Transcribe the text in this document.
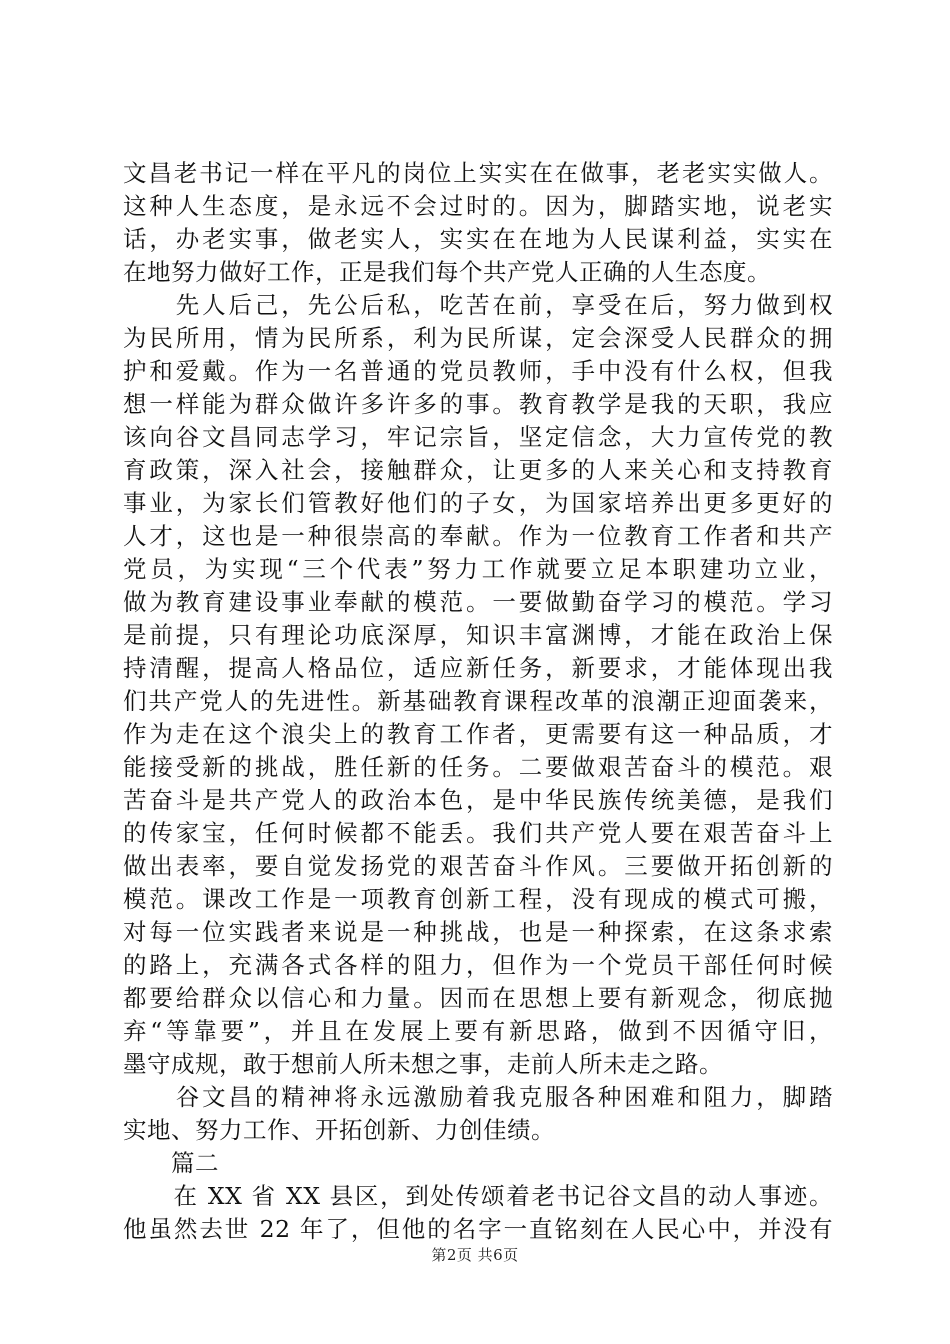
文昌老书记一样在平凡的岗位上实实在在做事，老老实实做人。
这种人生态度，是永远不会过时的。因为，脚踏实地，说老实
话，办老实事，做老实人，实实在在地为人民谋利益，实实在
在地努力做好工作，正是我们每个共产党人正确的人生态度。
　　先人后己，先公后私，吃苦在前，享受在后，努力做到权
为民所用，情为民所系，利为民所谋，定会深受人民群众的拥
护和爱戴。作为一名普通的党员教师，手中没有什么权，但我
想一样能为群众做许多许多的事。教育教学是我的天职，我应
该向谷文昌同志学习，牢记宗旨，坚定信念，大力宣传党的教
育政策，深入社会，接触群众，让更多的人来关心和支持教育
事业，为家长们管教好他们的子女，为国家培养出更多更好的
人才，这也是一种很崇高的奉献。作为一位教育工作者和共产
党员，为实现“三个代表”努力工作就要立足本职建功立业，
做为教育建设事业奉献的模范。一要做勤奋学习的模范。学习
是前提，只有理论功底深厚，知识丰富渊博，才能在政治上保
持清醒，提高人格品位，适应新任务，新要求，才能体现出我
们共产党人的先进性。新基础教育课程改革的浪潮正迎面袭来，
作为走在这个浪尖上的教育工作者，更需要有这一种品质，才
能接受新的挑战，胜任新的任务。二要做艰苦奋斗的模范。艰
苦奋斗是共产党人的政治本色，是中华民族传统美德，是我们
的传家宝，任何时候都不能丢。我们共产党人要在艰苦奋斗上
做出表率，要自觉发扬党的艰苦奋斗作风。三要做开拓创新的
模范。课改工作是一项教育创新工程，没有现成的模式可搬，
对每一位实践者来说是一种挑战，也是一种探索，在这条求索
的路上，充满各式各样的阻力，但作为一个党员干部任何时候
都要给群众以信心和力量。因而在思想上要有新观念，彻底抛
弃“等靠要”，并且在发展上要有新思路，做到不因循守旧，
墨守成规，敢于想前人所未想之事，走前人所未走之路。
　　谷文昌的精神将永远激励着我克服各种困难和阻力，脚踏
实地、努力工作、开拓创新、力创佳绩。
　　篇二
　　在 XX 省 XX 县区，到处传颂着老书记谷文昌的动人事迹。
他虽然去世 22 年了，但他的名字一直铭刻在人民心中，并没有
第2页 共6页
